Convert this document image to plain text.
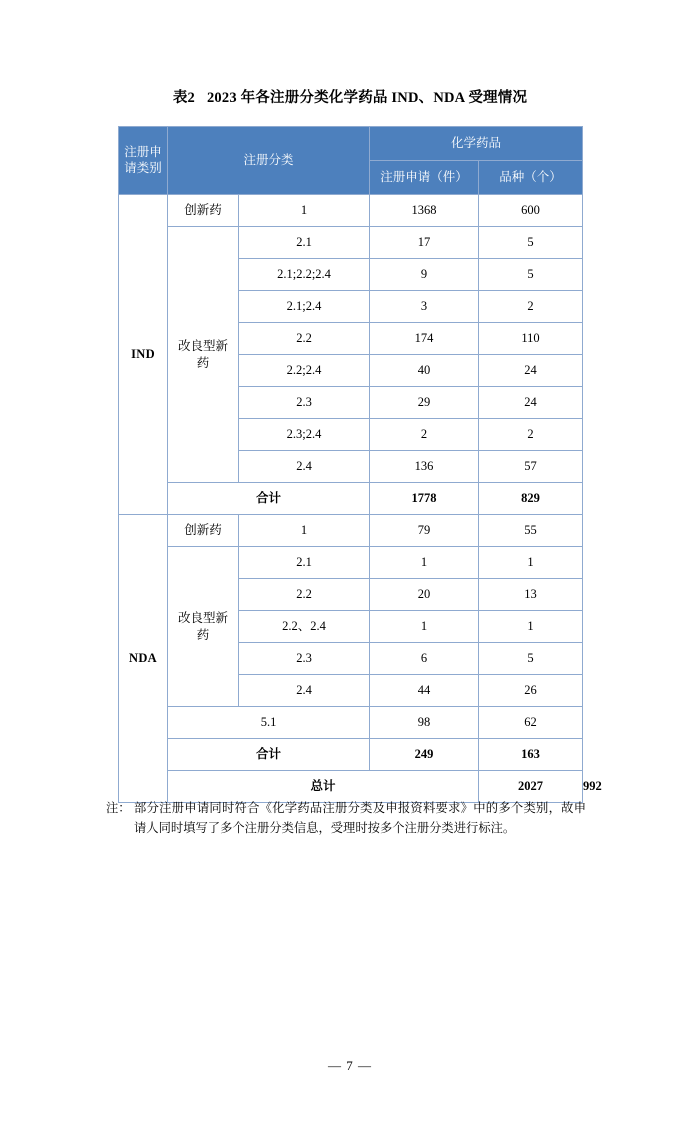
表2 2023 年各注册分类化学药品 IND、NDA 受理情况
注册申请类别	注册分类		化学药品		
			注册申请（件）	品种（个）	
IND	创新药	1	1368	600	
	改良型新药	2.1	17	5	
		2.1;2.2;2.4	9	5	
		2.1;2.4	3	2	
		2.2	174	110	
		2.2;2.4	40	24	
		2.3	29	24	
		2.3;2.4	2	2	
		2.4	136	57	
	合计		1778	829	
NDA	创新药	1	79	55	
	改良型新药	2.1	1	1	
		2.2	20	13	
		2.2、2.4	1	1	
		2.3	6	5	
		2.4	44	26	
	5.1		98	62	
	合计		249	163	
	总计			2027	992
注： 部分注册申请同时符合《化学药品注册分类及申报资料要求》中的多个类别，故申请人同时填写了多个注册分类信息，受理时按多个注册分类进行标注。
— 7 —
